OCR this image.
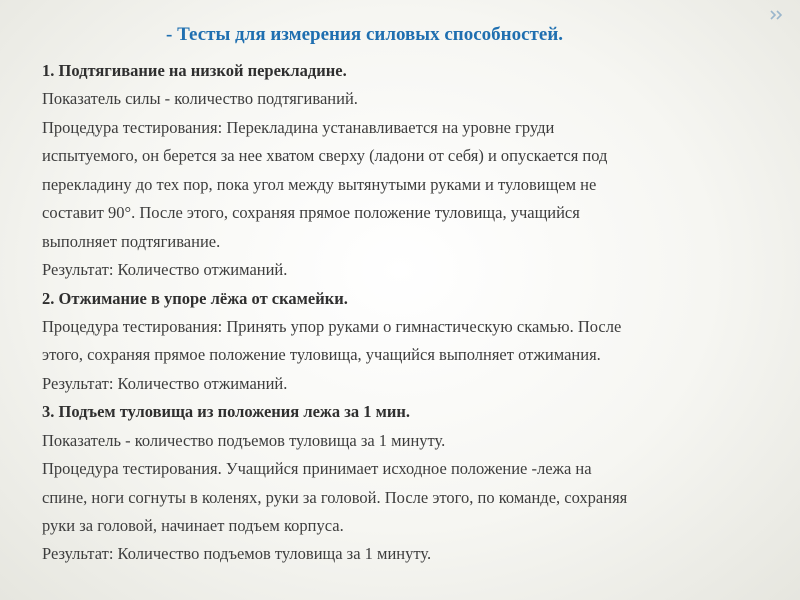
- Тесты для измерения силовых способностей.
1. Подтягивание на низкой перекладине.
Показатель силы - количество подтягиваний.
Процедура тестирования: Перекладина устанавливается на уровне груди
испытуемого, он берется за нее хватом сверху (ладони от себя) и опускается под
перекладину до тех пор, пока угол между вытянутыми руками и туловищем не
составит 90°. После этого, сохраняя прямое положение туловища, учащийся
выполняет подтягивание.
Результат: Количество отжиманий.
2. Отжимание в упоре лёжа от скамейки.
Процедура тестирования: Принять упор руками о гимнастическую скамью. После
этого, сохраняя прямое положение туловища, учащийся выполняет отжимания.
Результат: Количество отжиманий.
3. Подъем туловища из положения лежа за 1 мин.
Показатель - количество подъемов туловища за 1 минуту.
Процедура тестирования. Учащийся принимает исходное положение -лежа на
спине, ноги согнуты в коленях, руки за головой. После этого, по команде, сохраняя
руки за головой, начинает подъем корпуса.
Результат: Количество подъемов туловища за 1 минуту.
